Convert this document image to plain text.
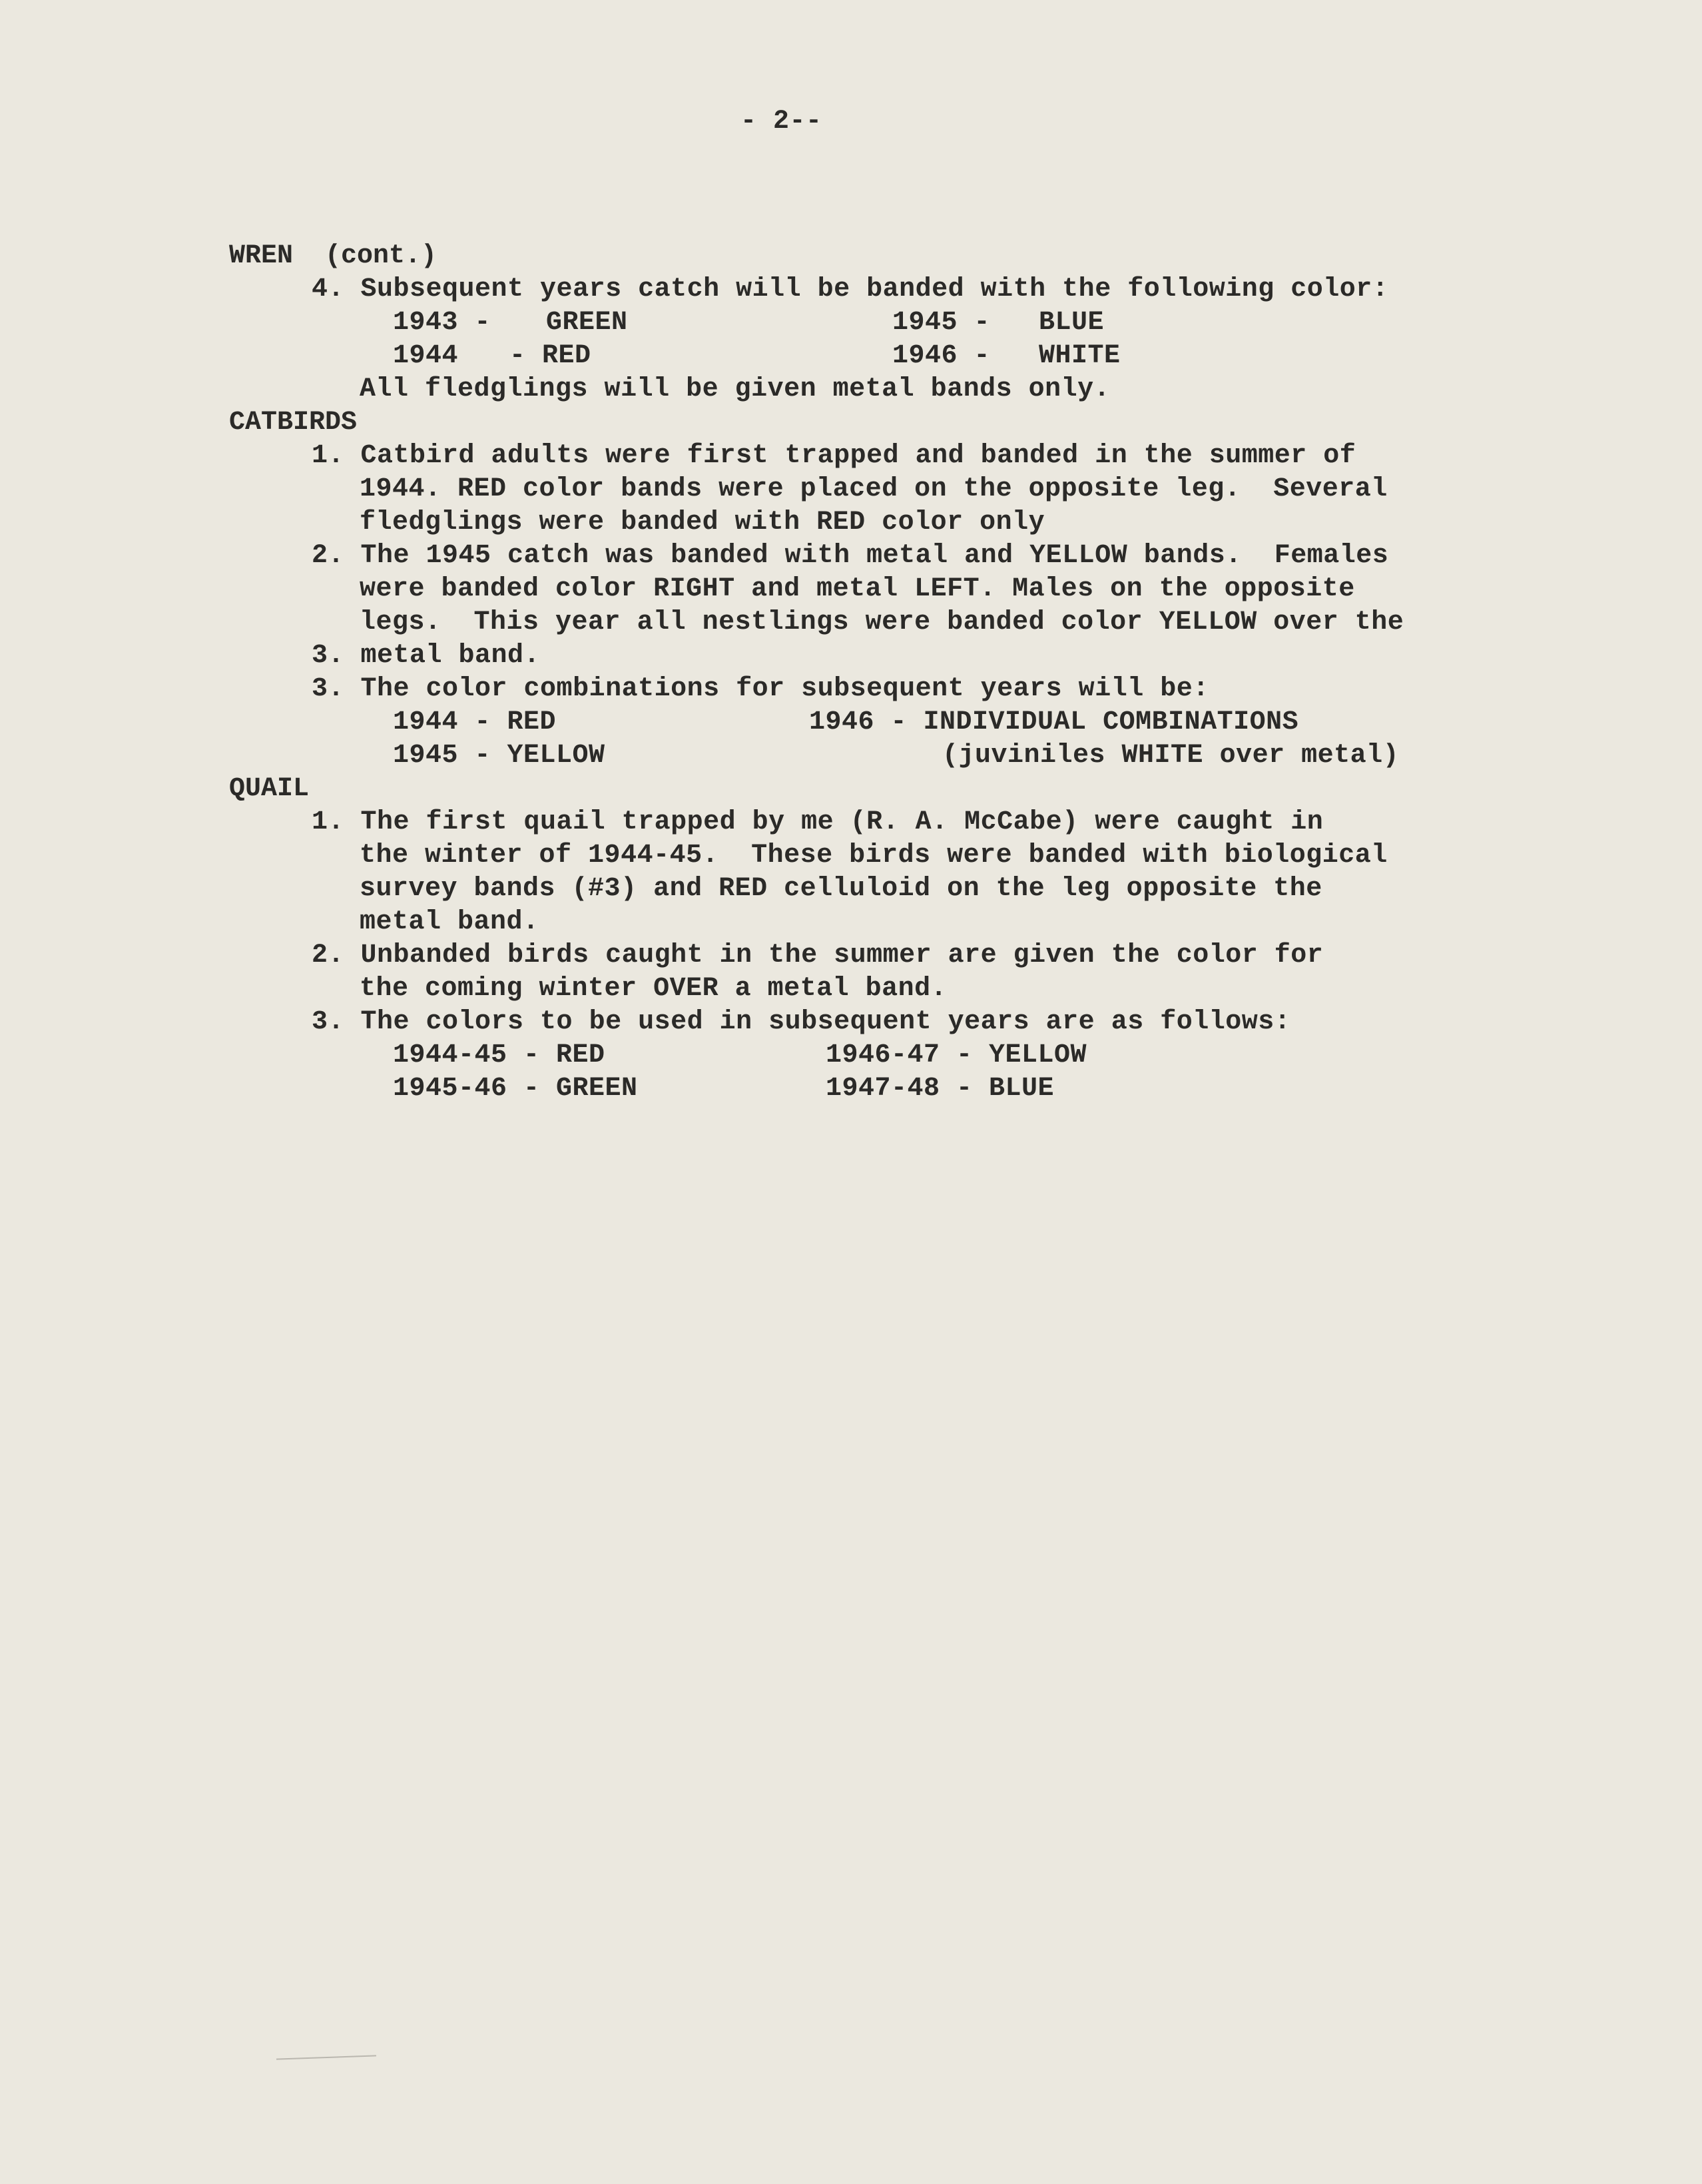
- 2--
WREN  (cont.)
4. Subsequent years catch will be banded with the following color:
1943 - GREEN	1945 - BLUE
1944 - RED	1946 - WHITE
All fledglings will be given metal bands only.
CATBIRDS
1. Catbird adults were first trapped and banded in the summer of
1944. RED color bands were placed on the opposite leg.  Several
fledglings were banded with RED color only
2. The 1945 catch was banded with metal and YELLOW bands.  Females
were banded color RIGHT and metal LEFT. Males on the opposite
legs.  This year all nestlings were banded color YELLOW over the
3. metal band.
3. The color combinations for subsequent years will be:
1944 - RED	1946 - INDIVIDUAL COMBINATIONS
1945 - YELLOW	(juviniles WHITE over metal)
QUAIL
1. The first quail trapped by me (R. A. McCabe) were caught in
the winter of 1944-45.  These birds were banded with biological
survey bands (#3) and RED celluloid on the leg opposite the
metal band.
2. Unbanded birds caught in the summer are given the color for
the coming winter OVER a metal band.
3. The colors to be used in subsequent years are as follows:
1944-45 - RED	1946-47 - YELLOW
1945-46 - GREEN	1947-48 - BLUE
